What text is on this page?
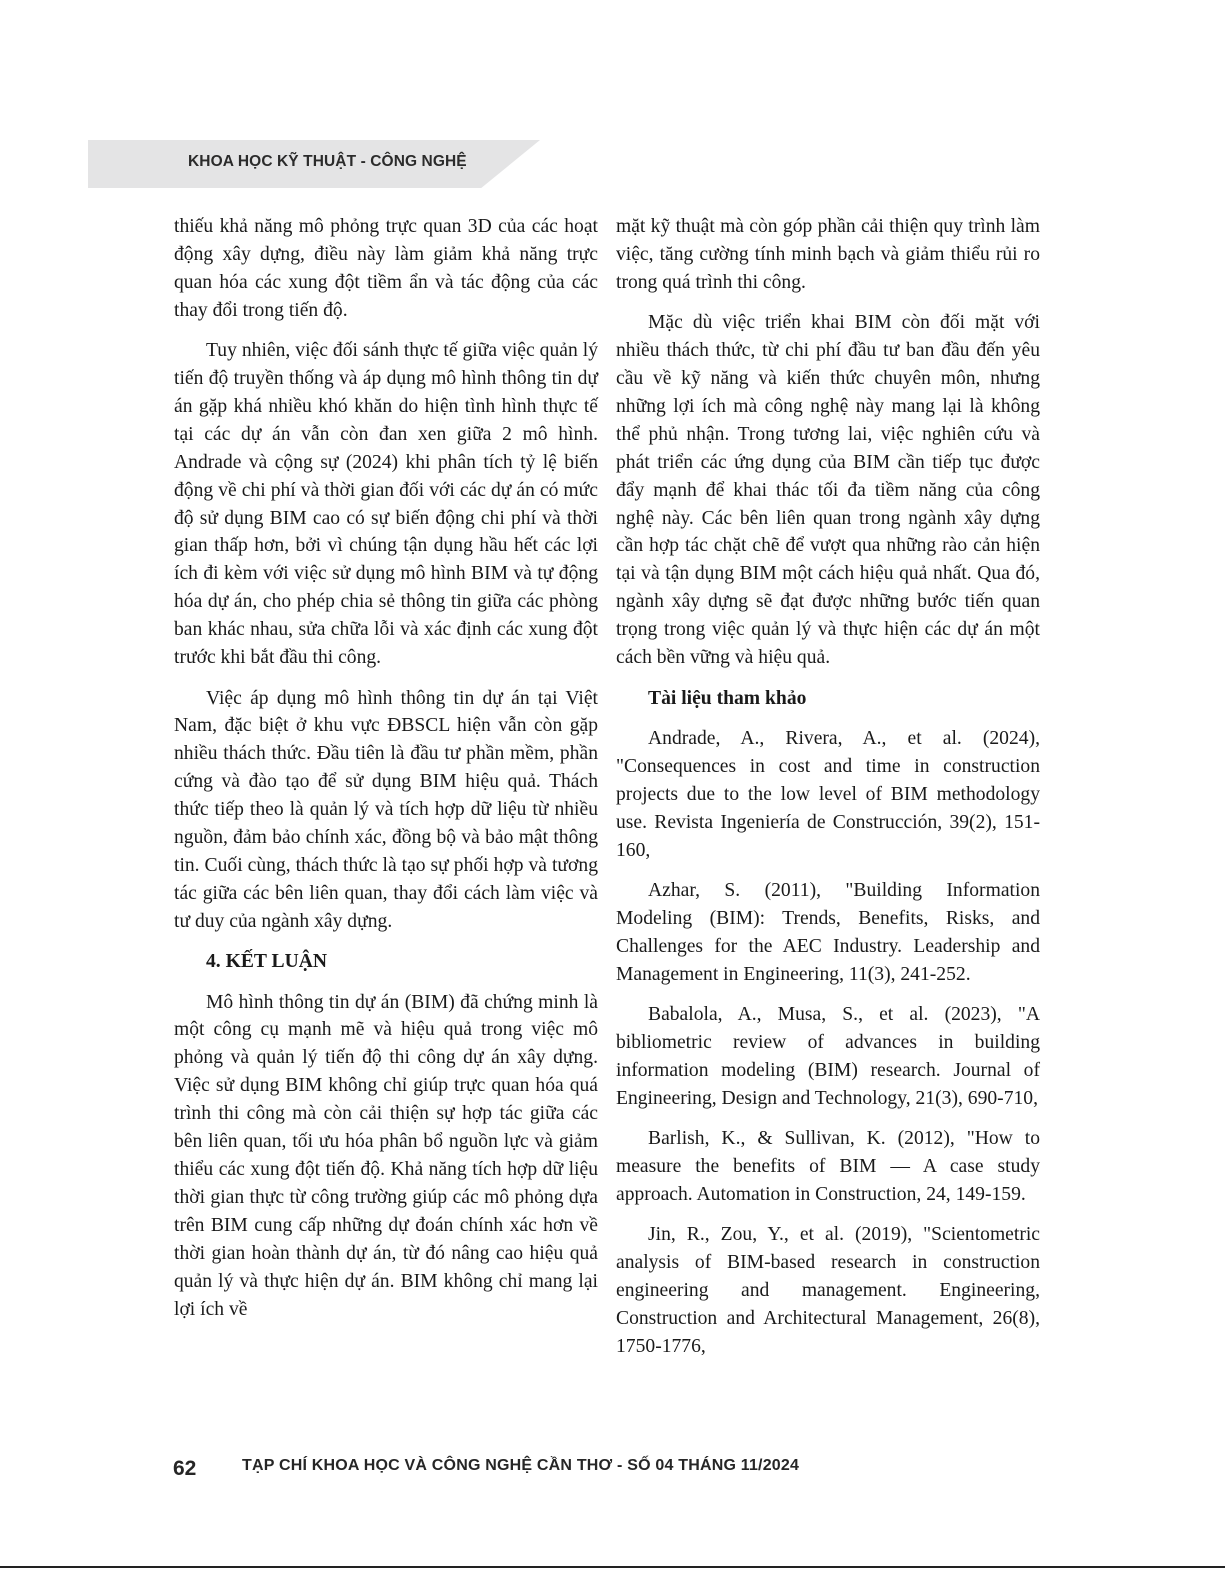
KHOA HỌC KỸ THUẬT - CÔNG NGHỆ

thiếu khả năng mô phỏng trực quan 3D của các hoạt động xây dựng, điều này làm giảm khả năng trực quan hóa các xung đột tiềm ẩn và tác động của các thay đổi trong tiến độ.

Tuy nhiên, việc đối sánh thực tế giữa việc quản lý tiến độ truyền thống và áp dụng mô hình thông tin dự án gặp khá nhiều khó khăn do hiện tình hình thực tế tại các dự án vẫn còn đan xen giữa 2 mô hình. Andrade và cộng sự (2024) khi phân tích tỷ lệ biến động về chi phí và thời gian đối với các dự án có mức độ sử dụng BIM cao có sự biến động chi phí và thời gian thấp hơn, bởi vì chúng tận dụng hầu hết các lợi ích đi kèm với việc sử dụng mô hình BIM và tự động hóa dự án, cho phép chia sẻ thông tin giữa các phòng ban khác nhau, sửa chữa lỗi và xác định các xung đột trước khi bắt đầu thi công.

Việc áp dụng mô hình thông tin dự án tại Việt Nam, đặc biệt ở khu vực ĐBSCL hiện vẫn còn gặp nhiều thách thức. Đầu tiên là đầu tư phần mềm, phần cứng và đào tạo để sử dụng BIM hiệu quả. Thách thức tiếp theo là quản lý và tích hợp dữ liệu từ nhiều nguồn, đảm bảo chính xác, đồng bộ và bảo mật thông tin. Cuối cùng, thách thức là tạo sự phối hợp và tương tác giữa các bên liên quan, thay đổi cách làm việc và tư duy của ngành xây dựng.

4. KẾT LUẬN

Mô hình thông tin dự án (BIM) đã chứng minh là một công cụ mạnh mẽ và hiệu quả trong việc mô phỏng và quản lý tiến độ thi công dự án xây dựng. Việc sử dụng BIM không chỉ giúp trực quan hóa quá trình thi công mà còn cải thiện sự hợp tác giữa các bên liên quan, tối ưu hóa phân bổ nguồn lực và giảm thiểu các xung đột tiến độ. Khả năng tích hợp dữ liệu thời gian thực từ công trường giúp các mô phỏng dựa trên BIM cung cấp những dự đoán chính xác hơn về thời gian hoàn thành dự án, từ đó nâng cao hiệu quả quản lý và thực hiện dự án. BIM không chỉ mang lại lợi ích về

mặt kỹ thuật mà còn góp phần cải thiện quy trình làm việc, tăng cường tính minh bạch và giảm thiểu rủi ro trong quá trình thi công.

Mặc dù việc triển khai BIM còn đối mặt với nhiều thách thức, từ chi phí đầu tư ban đầu đến yêu cầu về kỹ năng và kiến thức chuyên môn, nhưng những lợi ích mà công nghệ này mang lại là không thể phủ nhận. Trong tương lai, việc nghiên cứu và phát triển các ứng dụng của BIM cần tiếp tục được đẩy mạnh để khai thác tối đa tiềm năng của công nghệ này. Các bên liên quan trong ngành xây dựng cần hợp tác chặt chẽ để vượt qua những rào cản hiện tại và tận dụng BIM một cách hiệu quả nhất. Qua đó, ngành xây dựng sẽ đạt được những bước tiến quan trọng trong việc quản lý và thực hiện các dự án một cách bền vững và hiệu quả.

Tài liệu tham khảo

Andrade, A., Rivera, A., et al. (2024), "Consequences in cost and time in construction projects due to the low level of BIM methodology use. Revista Ingeniería de Construcción, 39(2), 151-160,

Azhar, S. (2011), "Building Information Modeling (BIM): Trends, Benefits, Risks, and Challenges for the AEC Industry. Leadership and Management in Engineering, 11(3), 241-252.

Babalola, A., Musa, S., et al. (2023), "A bibliometric review of advances in building information modeling (BIM) research. Journal of Engineering, Design and Technology, 21(3), 690-710,

Barlish, K., & Sullivan, K. (2012), "How to measure the benefits of BIM — A case study approach. Automation in Construction, 24, 149-159.

Jin, R., Zou, Y., et al. (2019), "Scientometric analysis of BIM-based research in construction engineering and management. Engineering, Construction and Architectural Management, 26(8), 1750-1776,

62	TẠP CHÍ KHOA HỌC VÀ CÔNG NGHỆ CẦN THƠ - SỐ 04 THÁNG 11/2024
